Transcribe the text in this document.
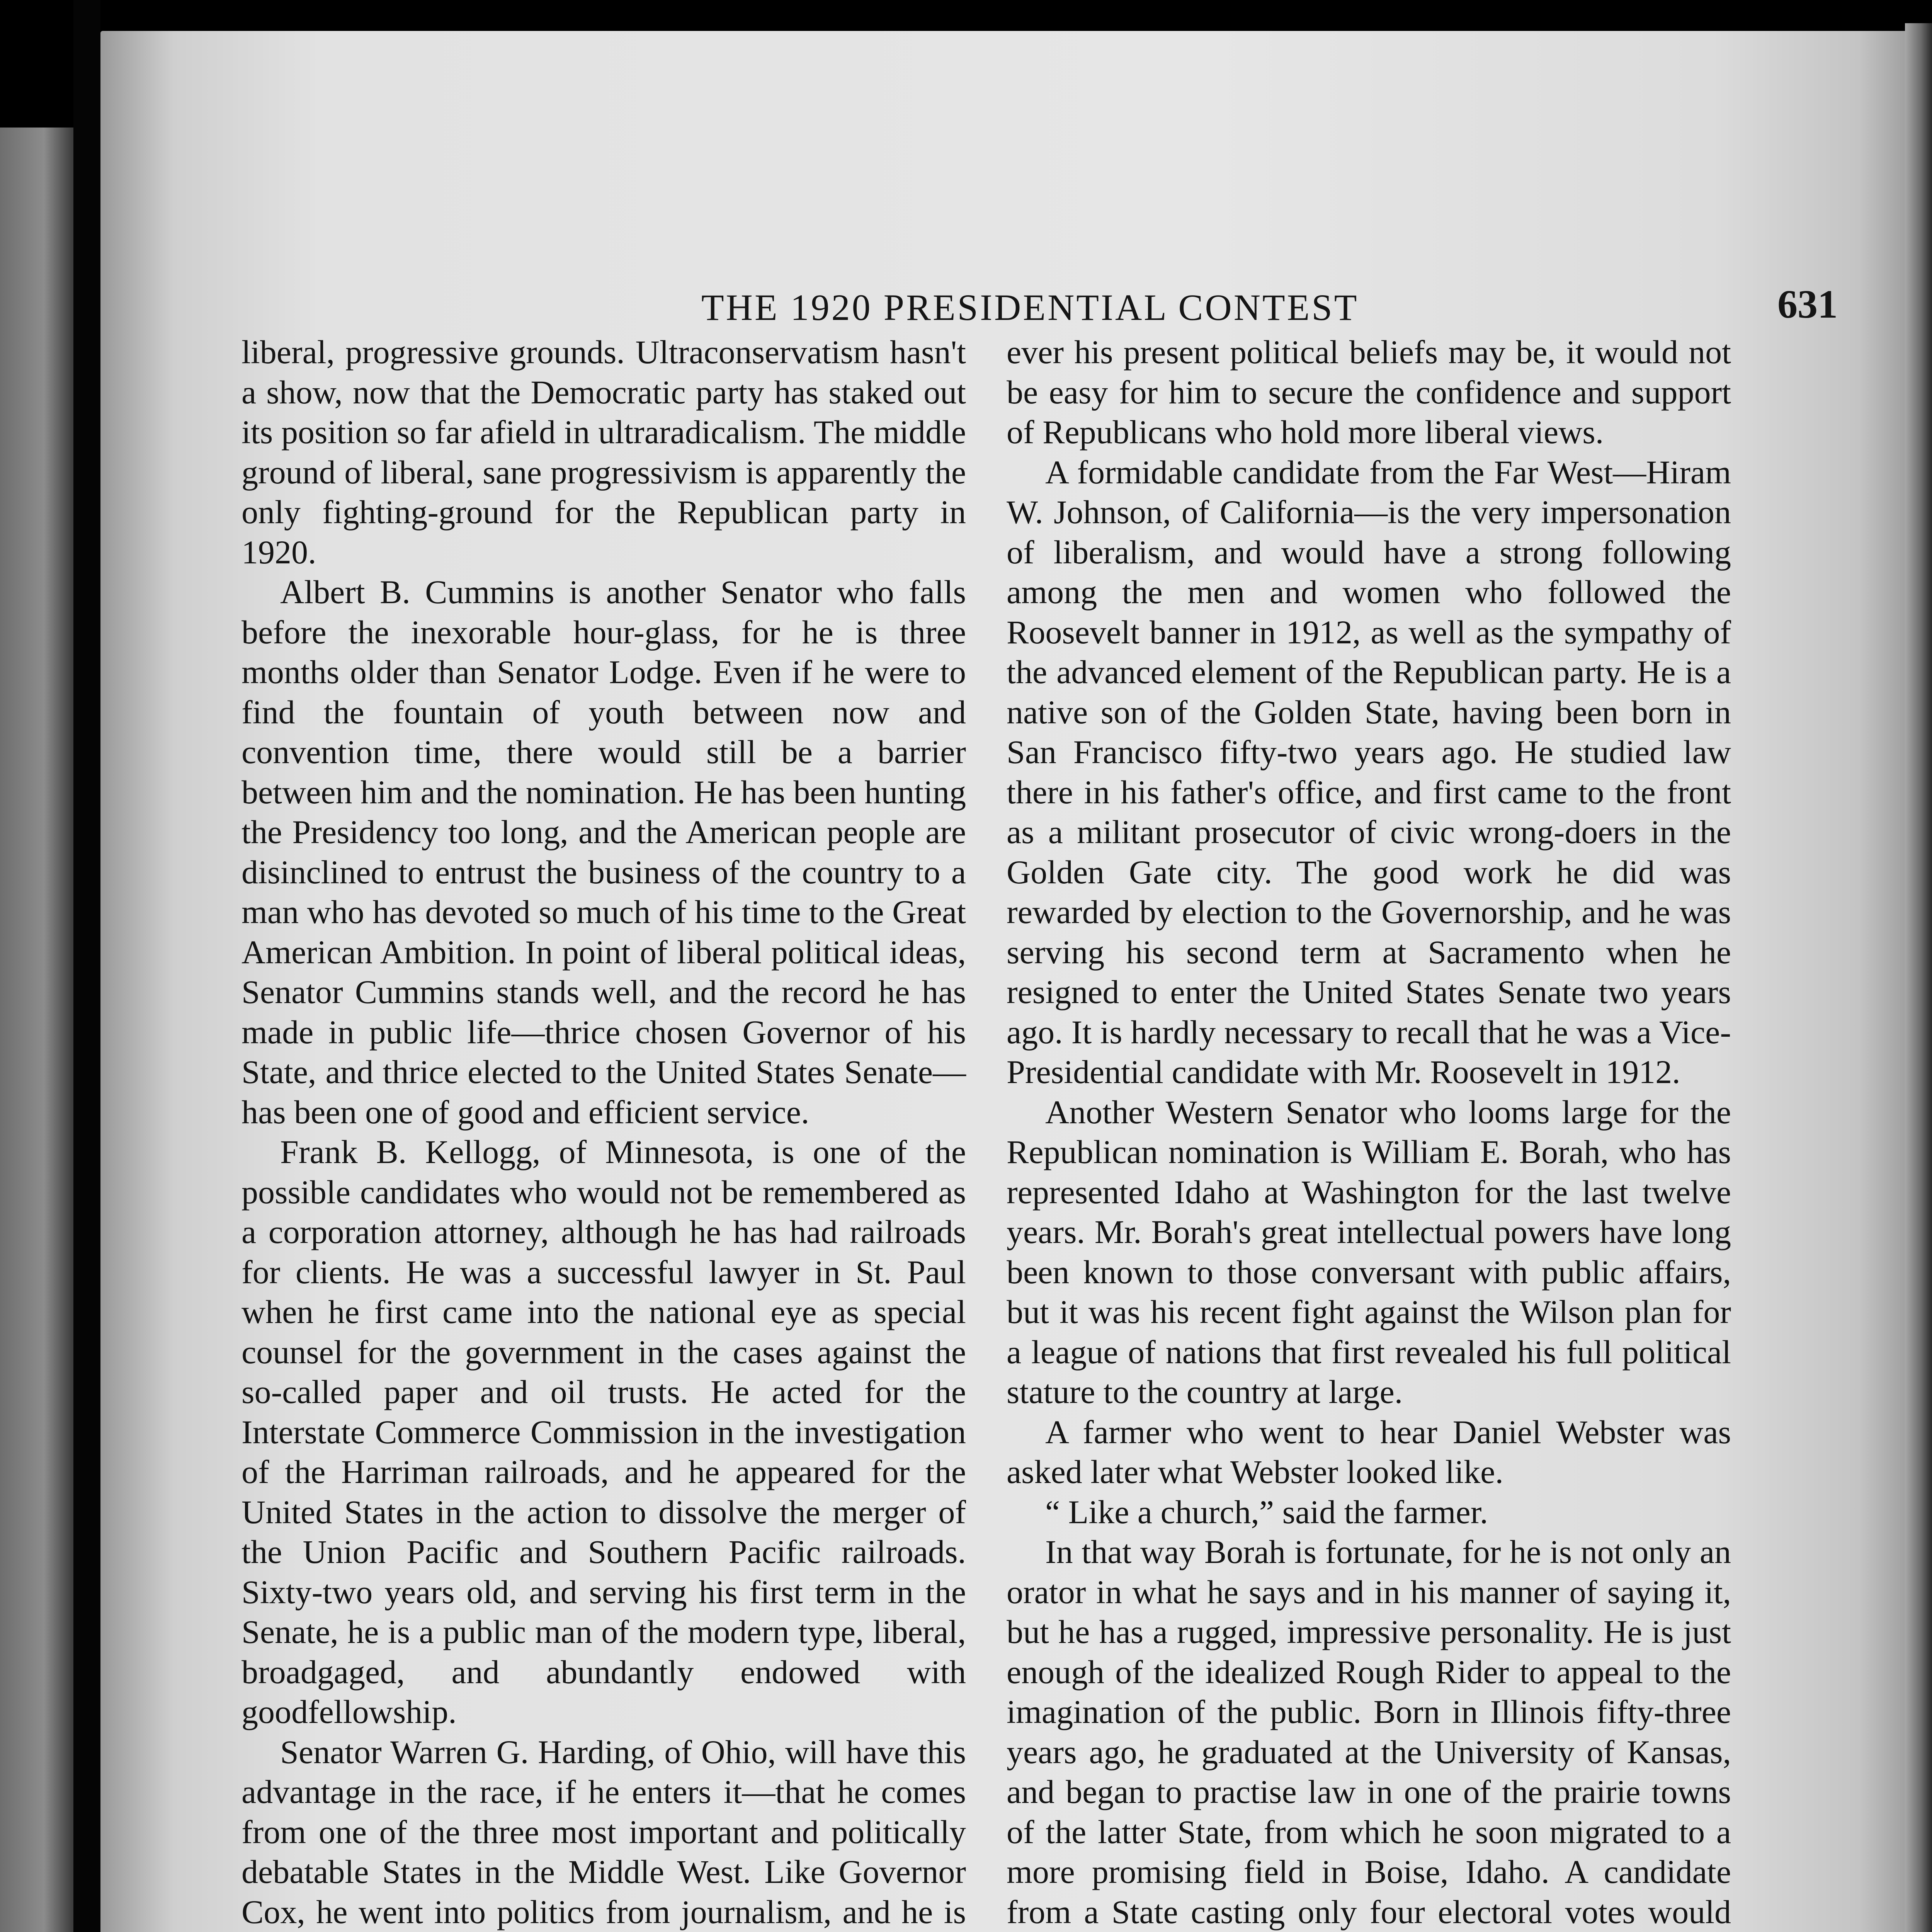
THE 1920 PRESIDENTIAL CONTEST	631

liberal, progressive grounds. Ultraconservatism hasn't a show, now that the Democratic party has staked out its position so far afield in ultraradicalism. The middle ground of liberal, sane progressivism is apparently the only fighting-ground for the Republican party in 1920.

Albert B. Cummins is another Senator who falls before the inexorable hour-glass, for he is three months older than Senator Lodge. Even if he were to find the fountain of youth between now and convention time, there would still be a barrier between him and the nomination. He has been hunting the Presidency too long, and the American people are disinclined to entrust the business of the country to a man who has devoted so much of his time to the Great American Ambition. In point of liberal political ideas, Senator Cummins stands well, and the record he has made in public life—thrice chosen Governor of his State, and thrice elected to the United States Senate—has been one of good and efficient service.

Frank B. Kellogg, of Minnesota, is one of the possible candidates who would not be remembered as a corporation attorney, although he has had railroads for clients. He was a successful lawyer in St. Paul when he first came into the national eye as special counsel for the government in the cases against the so-called paper and oil trusts. He acted for the Interstate Commerce Commission in the investigation of the Harriman railroads, and he appeared for the United States in the action to dissolve the merger of the Union Pacific and Southern Pacific railroads. Sixty-two years old, and serving his first term in the Senate, he is a public man of the modern type, liberal, broadgaged, and abundantly endowed with goodfellowship.

Senator Warren G. Harding, of Ohio, will have this advantage in the race, if he enters it—that he comes from one of the three most important and politically debatable States in the Middle West. Like Governor Cox, he went into politics from journalism, and he is

ever his present political beliefs may be, it would not be easy for him to secure the confidence and support of Republicans who hold more liberal views.

A formidable candidate from the Far West—Hiram W. Johnson, of California—is the very impersonation of liberalism, and would have a strong following among the men and women who followed the Roosevelt banner in 1912, as well as the sympathy of the advanced element of the Republican party. He is a native son of the Golden State, having been born in San Francisco fifty-two years ago. He studied law there in his father's office, and first came to the front as a militant prosecutor of civic wrong-doers in the Golden Gate city. The good work he did was rewarded by election to the Governorship, and he was serving his second term at Sacramento when he resigned to enter the United States Senate two years ago. It is hardly necessary to recall that he was a Vice-Presidential candidate with Mr. Roosevelt in 1912.

Another Western Senator who looms large for the Republican nomination is William E. Borah, who has represented Idaho at Washington for the last twelve years. Mr. Borah's great intellectual powers have long been known to those conversant with public affairs, but it was his recent fight against the Wilson plan for a league of nations that first revealed his full political stature to the country at large.

A farmer who went to hear Daniel Webster was asked later what Webster looked like.

“ Like a church,” said the farmer.

In that way Borah is fortunate, for he is not only an orator in what he says and in his manner of saying it, but he has a rugged, impressive personality. He is just enough of the idealized Rough Rider to appeal to the imagination of the public. Born in Illinois fifty-three years ago, he graduated at the University of Kansas, and began to practise law in one of the prairie towns of the latter State, from which he soon migrated to a more promising field in Boise, Idaho. A candidate from a State casting only four electoral votes would
